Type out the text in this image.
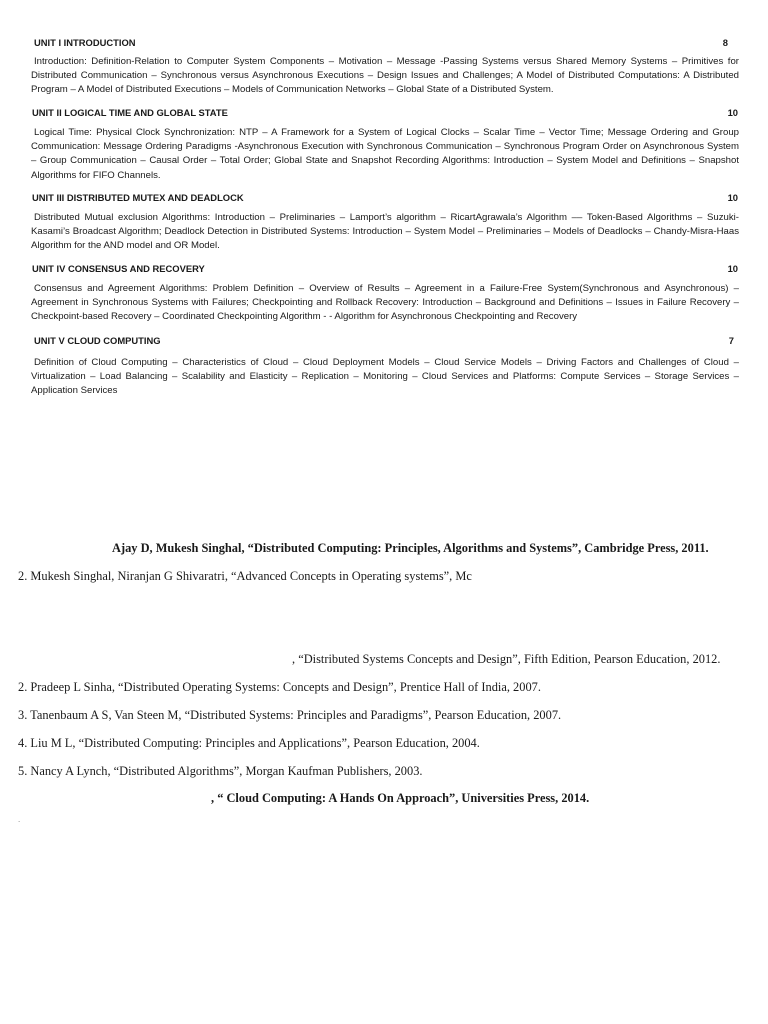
UNIT I INTRODUCTION	8
Introduction: Definition-Relation to Computer System Components – Motivation – Message -Passing Systems versus Shared Memory Systems – Primitives for Distributed Communication – Synchronous versus Asynchronous Executions – Design Issues and Challenges; A Model of Distributed Computations: A Distributed Program – A Model of Distributed Executions – Models of Communication Networks – Global State of a Distributed System.
UNIT II LOGICAL TIME AND GLOBAL STATE	10
Logical Time: Physical Clock Synchronization: NTP – A Framework for a System of Logical Clocks – Scalar Time – Vector Time; Message Ordering and Group Communication: Message Ordering Paradigms -Asynchronous Execution with Synchronous Communication – Synchronous Program Order on Asynchronous System – Group Communication – Causal Order – Total Order; Global State and Snapshot Recording Algorithms: Introduction – System Model and Definitions – Snapshot Algorithms for FIFO Channels.
UNIT III DISTRIBUTED MUTEX AND DEADLOCK	10
Distributed Mutual exclusion Algorithms: Introduction – Preliminaries – Lamport’s algorithm – RicartAgrawala’s Algorithm –– Token-Based Algorithms – Suzuki-Kasami’s Broadcast Algorithm; Deadlock Detection in Distributed Systems: Introduction – System Model – Preliminaries – Models of Deadlocks – Chandy-Misra-Haas Algorithm for the AND model and OR Model.
UNIT IV CONSENSUS AND RECOVERY	10
Consensus and Agreement Algorithms: Problem Definition – Overview of Results – Agreement in a Failure-Free System(Synchronous and Asynchronous) – Agreement in Synchronous Systems with Failures; Checkpointing and Rollback Recovery: Introduction – Background and Definitions – Issues in Failure Recovery – Checkpoint-based Recovery – Coordinated Checkpointing Algorithm - - Algorithm for Asynchronous Checkpointing and Recovery
UNIT V CLOUD COMPUTING	7
Definition of Cloud Computing – Characteristics of Cloud – Cloud Deployment Models – Cloud Service Models – Driving Factors and Challenges of Cloud – Virtualization – Load Balancing – Scalability and Elasticity – Replication – Monitoring – Cloud Services and Platforms: Compute Services – Storage Services – Application Services
Ajay D, Mukesh Singhal, “Distributed Computing: Principles, Algorithms and Systems”, Cambridge Press, 2011.
2. Mukesh Singhal, Niranjan G Shivaratri, “Advanced Concepts in Operating systems”, Mc
, “Distributed Systems Concepts and Design”, Fifth Edition, Pearson Education, 2012.
2. Pradeep L Sinha, “Distributed Operating Systems: Concepts and Design”, Prentice Hall of India, 2007.
3. Tanenbaum A S, Van Steen M, “Distributed Systems: Principles and Paradigms”, Pearson Education, 2007.
4. Liu M L, “Distributed Computing: Principles and Applications”, Pearson Education, 2004.
5. Nancy A Lynch, “Distributed Algorithms”, Morgan Kaufman Publishers, 2003.
, “ Cloud Computing: A Hands On Approach”, Universities Press, 2014.
.
